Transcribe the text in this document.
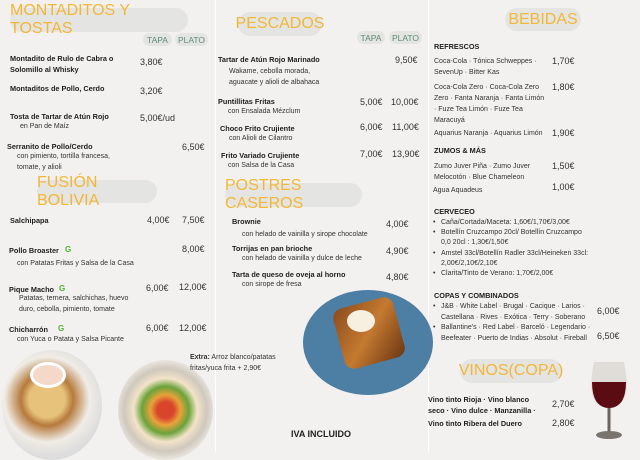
MONTADITOS Y TOSTAS
TAPA	PLATO
Montadito de Rulo de Cabra o
Solomillo al Whisky
3,80€
Montaditos de Pollo, Cerdo	3,20€
Tosta de Tartar de Atún Rojo
en Pan de Maíz
5,00€/ud
Serranito de Pollo/Cerdo
con pimiento, tortilla francesa,
tomate, y alioli
6,50€
FUSIÓN BOLIVIA
Salchipapa	4,00€ 7,50€
Pollo Broaster G
con Patatas Fritas y Salsa de la Casa
8,00€
Pique Macho G
Patatas, ternera, salchichas, huevo
duro, cebolla, pimiento, tomate
6,00€ 12,00€
Chicharrón G
con Yuca o Patata y Salsa Picante
6,00€ 12,00€
PESCADOS
TAPA	PLATO
Tartar de Atún Rojo Marinado
Wakame, cebolla morada,
aguacate y alioli de albahaca
9,50€
Puntillitas Fritas
con Ensalada Mézclum
5,00€ 10,00€
Choco Frito Crujiente
con Alioli de Cilantro
6,00€ 11,00€
Frito Variado Crujiente
con Salsa de la Casa
7,00€ 13,90€
POSTRES CASEROS
Brownie
con helado de vainilla y sirope chocolate
4,00€
Torrijas en pan brioche
con helado de vainilla y dulce de leche
4,90€
Tarta de queso de oveja al horno
con sirope de fresa
4,80€
Extra: Arroz blanco/patatas
fritas/yuca frita + 2,90€
IVA INCLUIDO
BEBIDAS
REFRESCOS
Coca-Cola · Tónica Schweppes ·
SevenUp · Bitter Kas
1,70€
Coca-Cola Zero · Coca-Cola Zero
Zero · Fanta Naranja · Fanta Limón
· Fuze Tea Limón · Fuze Tea
Maracuyá
1,80€
Aquarius Naranja · Aquarius Limón 1,90€
ZUMOS & MÁS
Zumo Juver Piña · Zumo Juver
Melocotón · Blue Chameleon
1,50€
Agua Aquadeus	1,00€
CERVECEO
• Caña/Cortada/Maceta: 1,60€/1,70€/3,00€
• Botellín Cruzcampo 20cl/ Botellín Cruzcampo 0,0 20cl : 1,30€/1,50€
• Amstel 33cl/Botellín Radler 33cl/Heineken 33cl: 2,00€/2,10€/2,10€
• Clarita/Tinto de Verano: 1,70€/2,00€
COPAS Y COMBINADOS
• J&B · White Label · Brugal · Cacique · Larios · Castellana · Rives · Exótica · Terry · Soberano
• Ballantine's · Red Label · Barceló · Legendario · Beefeater · Puerto de Indias · Absolut · Fireball
6,00€
6,50€
VINOS(COPA)
Vino tinto Rioja · Vino blanco
seco · Vino dulce · Manzanilla ·
2,70€
Vino tinto Ribera del Duero	2,80€
